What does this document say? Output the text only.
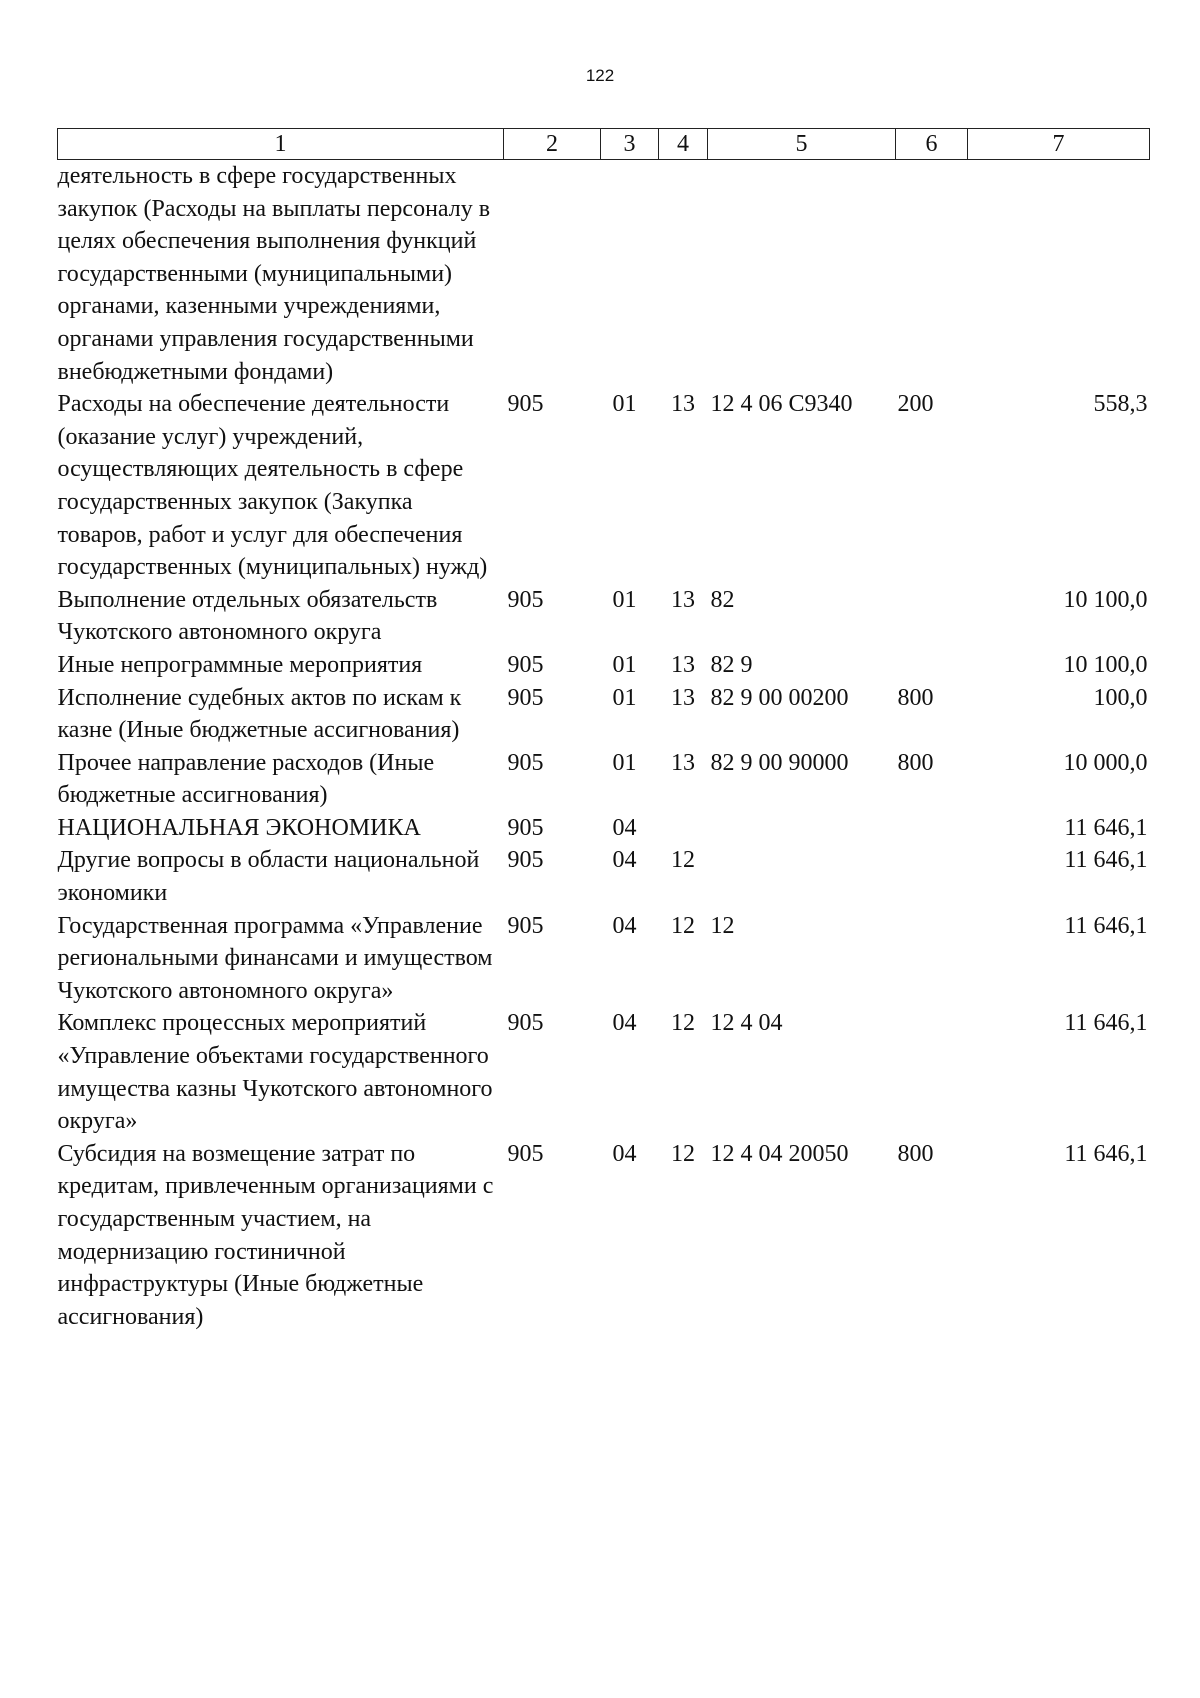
122
1	2	3	4	5	6	7
деятельность в сфере государственных закупок (Расходы на выплаты персоналу в целях обеспечения выполнения функций государственными (муниципальными) органами, казенными учреждениями, органами управления государственными внебюджетными фондами)						
Расходы на обеспечение деятельности (оказание услуг) учреждений, осуществляющих деятельность в сфере государственных закупок (Закупка товаров, работ и услуг для обеспечения государственных (муниципальных) нужд)	905	01	13	12 4 06 С9340	200	558,3
Выполнение отдельных обязательств Чукотского автономного округа	905	01	13	82		10 100,0
Иные непрограммные мероприятия	905	01	13	82 9		10 100,0
Исполнение судебных актов по искам к казне (Иные бюджетные ассигнования)	905	01	13	82 9 00 00200	800	100,0
Прочее направление расходов (Иные бюджетные ассигнования)	905	01	13	82 9 00 90000	800	10 000,0
НАЦИОНАЛЬНАЯ ЭКОНОМИКА	905	04				11 646,1
Другие вопросы в области национальной экономики	905	04	12			11 646,1
Государственная программа «Управление региональными финансами и имуществом Чукотского автономного округа»	905	04	12	12		11 646,1
Комплекс процессных мероприятий «Управление объектами государственного имущества казны Чукотского автономного округа»	905	04	12	12 4 04		11 646,1
Субсидия на возмещение затрат по кредитам, привлеченным организациями с государственным участием, на модернизацию гостиничной инфраструктуры (Иные бюджетные ассигнования)	905	04	12	12 4 04 20050	800	11 646,1
